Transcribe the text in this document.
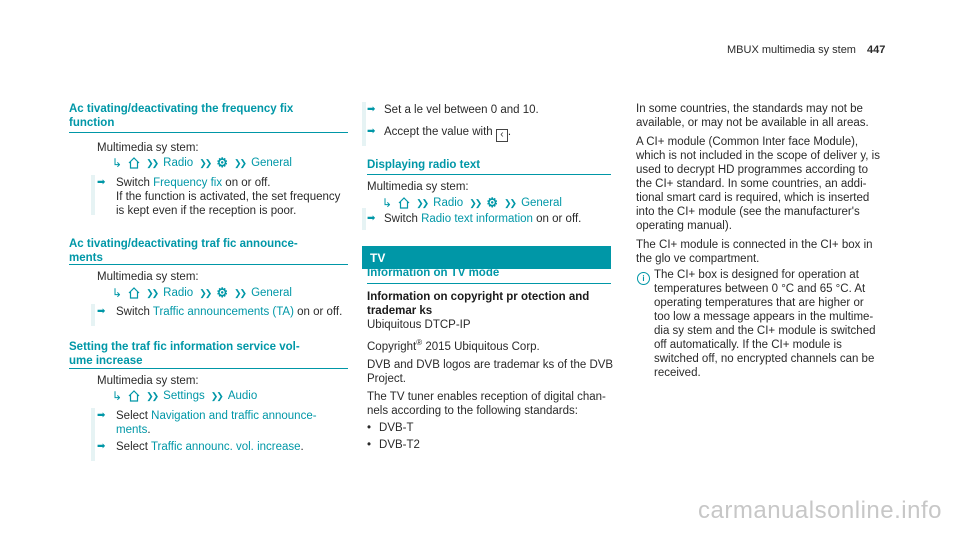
MBUX multimedia sy stem 447
Ac tivating/deactivating the frequency fix
function
Multimedia sy stem:
↳	❯❯ Radio ❯❯ ⚙ ❯❯ General
➡ Switch Frequency fix on or off.
If the function is activated, the set frequency
is kept even if the reception is poor.
Ac tivating/deactivating traf fic announce-
ments
Multimedia sy stem:
↳	❯❯ Radio ❯❯ ⚙ ❯❯ General
➡ Switch Traffic announcements (TA) on or off.
Setting the traf fic information service vol-
ume increase
Multimedia sy stem:
↳	❯❯ Settings ❯❯ Audio
➡ Select Navigation and traffic announce-
ments.
➡ Select Traffic announc. vol. increase.
➡ Set a le vel between 0 and 10.
➡ Accept the value with ‹ .
Displaying radio text
Multimedia sy stem:
↳	❯❯ Radio ❯❯ ⚙ ❯❯ General
➡ Switch Radio text information on or off.
TV
Information on TV mode
Information on copyright pr otection and
trademar ks
Ubiquitous DTCP-IP
Copyright® 2015 Ubiquitous Corp.
DVB and DVB logos are trademar ks of the DVB
Project.
The TV tuner enables reception of digital chan-
nels according to the following standards:
• DVB-T
• DVB-T2
In some countries, the standards may not be
available, or may not be available in all areas.
A CI+ module (Common Inter face Module),
which is not included in the scope of deliver y, is
used to decrypt HD programmes according to
the CI+ standard. In some countries, an addi-
tional smart card is required, which is inserted
into the CI+ module (see the manufacturer's
operating manual).
The CI+ module is connected in the CI+ box in
the glo ve compartment.
i The CI+ box is designed for operation at
temperatures between 0 °C and 65 °C. At
operating temperatures that are higher or
too low a message appears in the multime-
dia sy stem and the CI+ module is switched
off automatically. If the CI+ module is
switched off, no encrypted channels can be
received.
carmanualsonline.info
